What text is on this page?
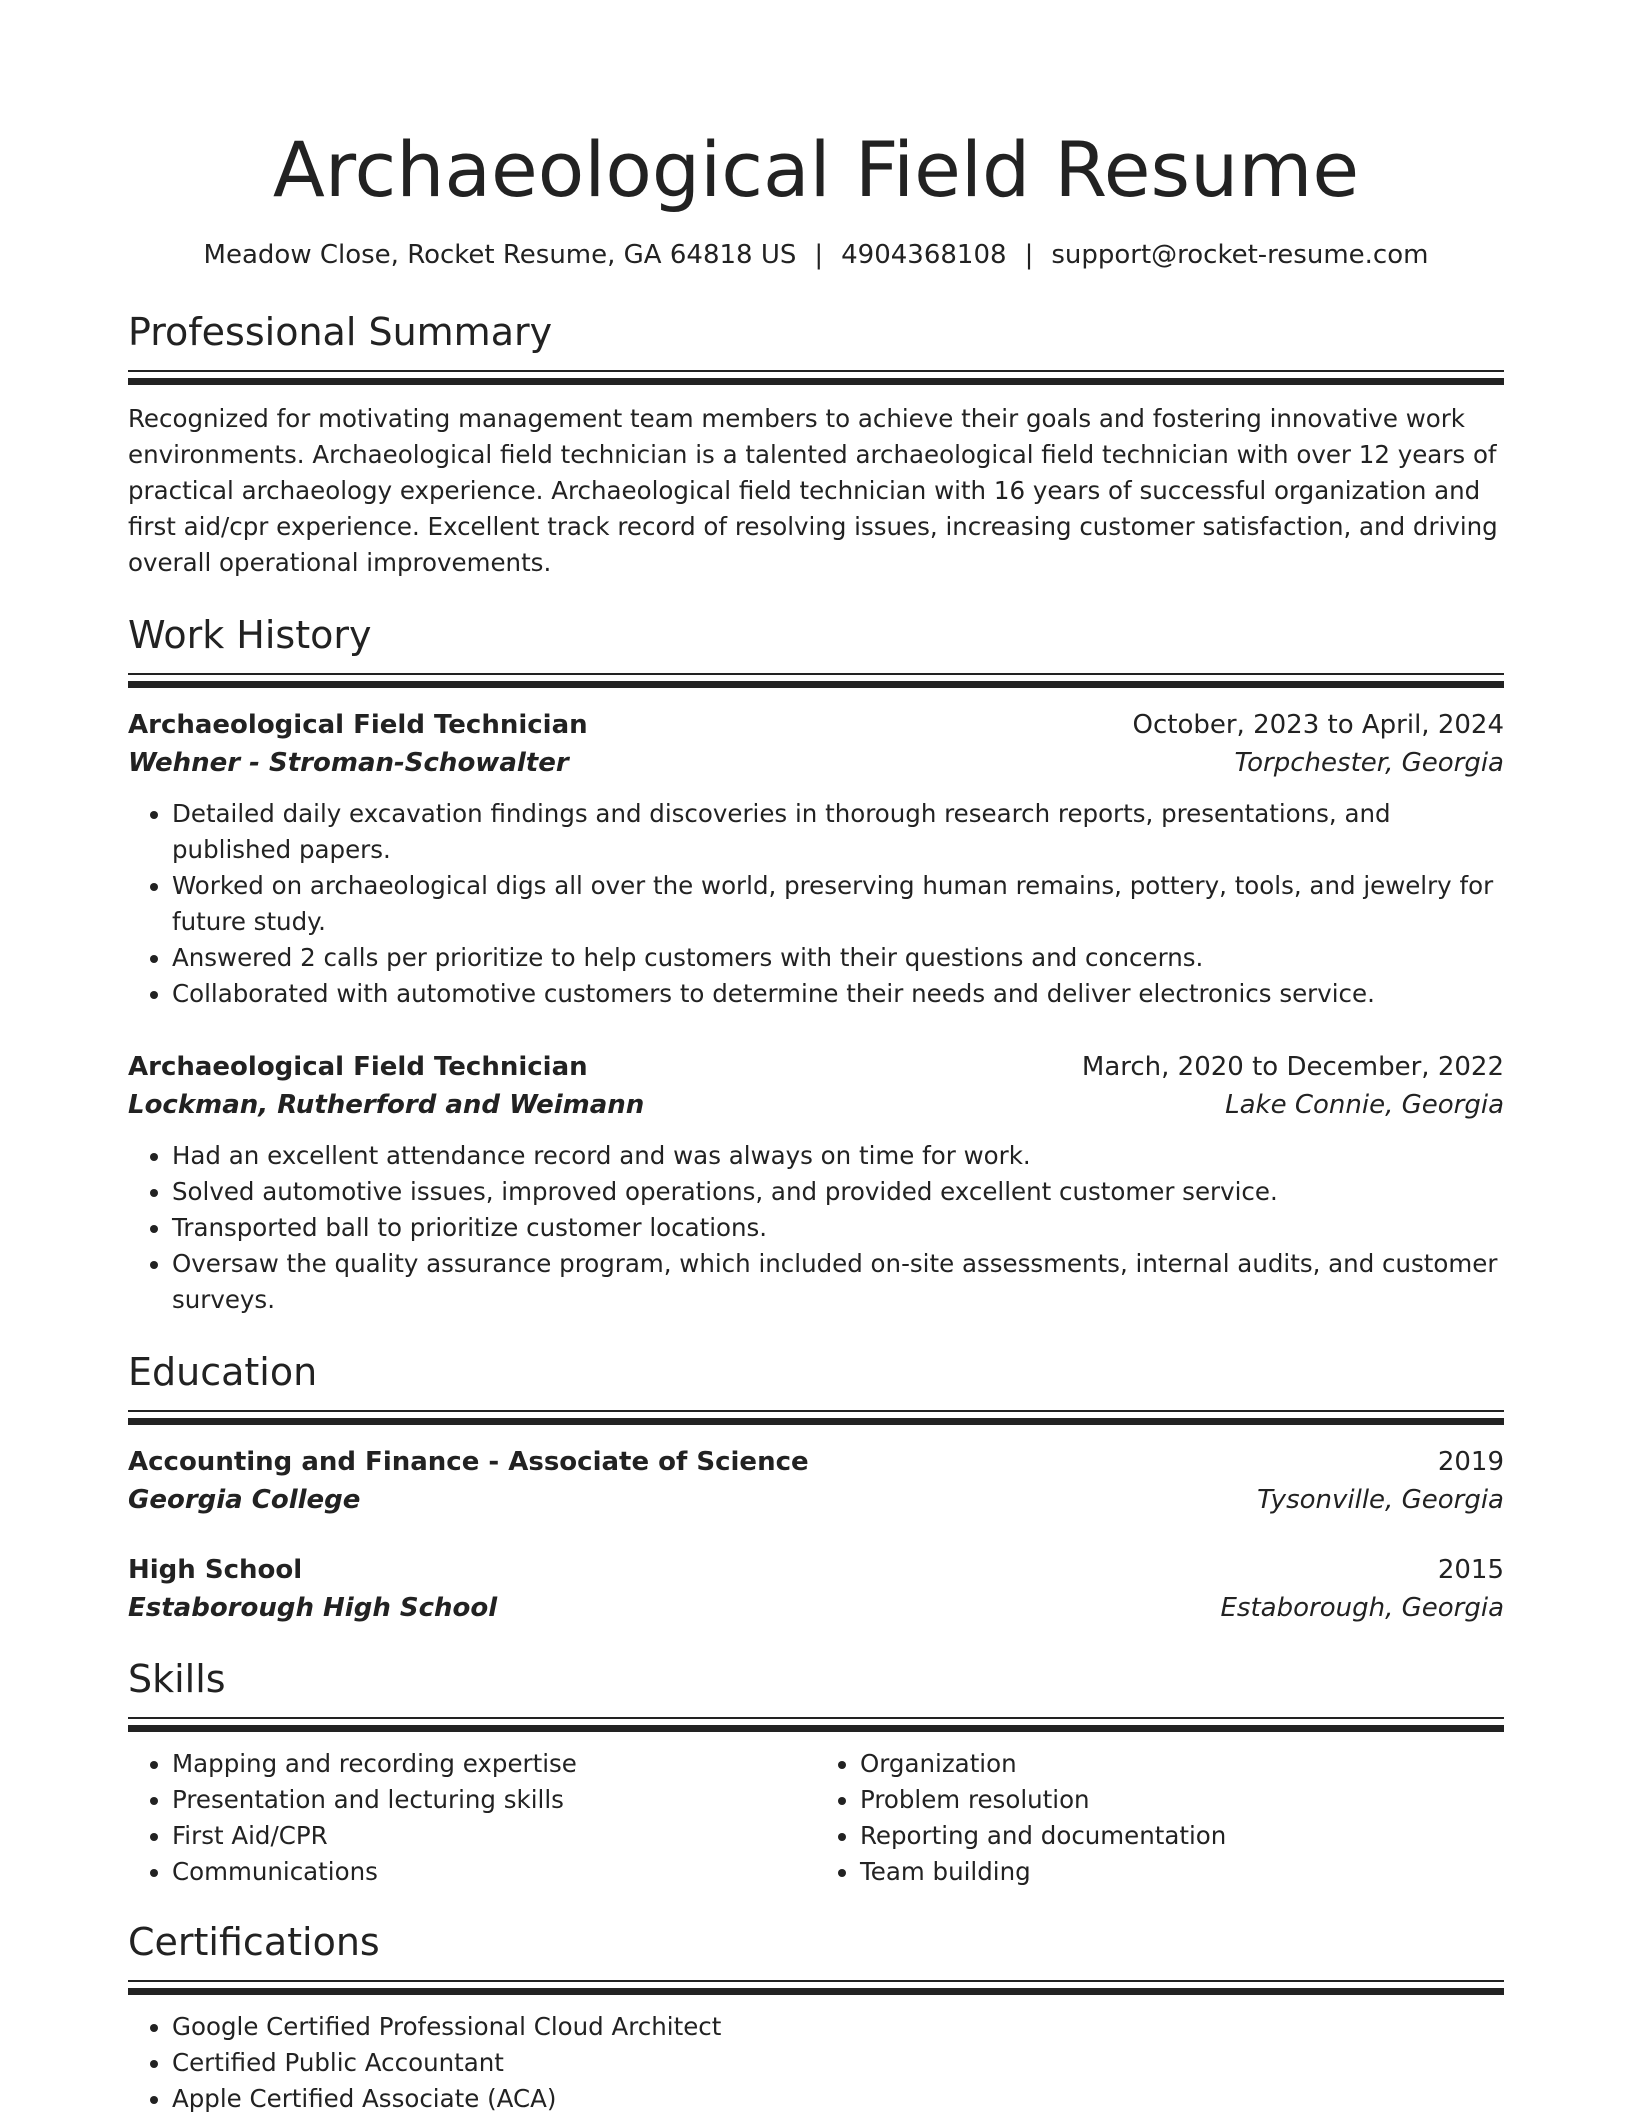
Archaeological Field Resume
Meadow Close, Rocket Resume, GA 64818 US | 4904368108 | support@rocket-resume.com
Professional Summary
Recognized for motivating management team members to achieve their goals and fostering innovative work environments. Archaeological field technician is a talented archaeological field technician with over 12 years of practical archaeology experience. Archaeological field technician with 16 years of successful organization and first aid/cpr experience. Excellent track record of resolving issues, increasing customer satisfaction, and driving overall operational improvements.
Work History
Archaeological Field Technician	October, 2023 to April, 2024
Wehner - Stroman-Schowalter	Torpchester, Georgia
• Detailed daily excavation findings and discoveries in thorough research reports, presentations, and published papers.
• Worked on archaeological digs all over the world, preserving human remains, pottery, tools, and jewelry for future study.
• Answered 2 calls per prioritize to help customers with their questions and concerns.
• Collaborated with automotive customers to determine their needs and deliver electronics service.
Archaeological Field Technician	March, 2020 to December, 2022
Lockman, Rutherford and Weimann	Lake Connie, Georgia
• Had an excellent attendance record and was always on time for work.
• Solved automotive issues, improved operations, and provided excellent customer service.
• Transported ball to prioritize customer locations.
• Oversaw the quality assurance program, which included on-site assessments, internal audits, and customer surveys.
Education
Accounting and Finance - Associate of Science	2019
Georgia College	Tysonville, Georgia
High School	2015
Estaborough High School	Estaborough, Georgia
Skills
• Mapping and recording expertise
• Presentation and lecturing skills
• First Aid/CPR
• Communications
• Organization
• Problem resolution
• Reporting and documentation
• Team building
Certifications
• Google Certified Professional Cloud Architect
• Certified Public Accountant
• Apple Certified Associate (ACA)
